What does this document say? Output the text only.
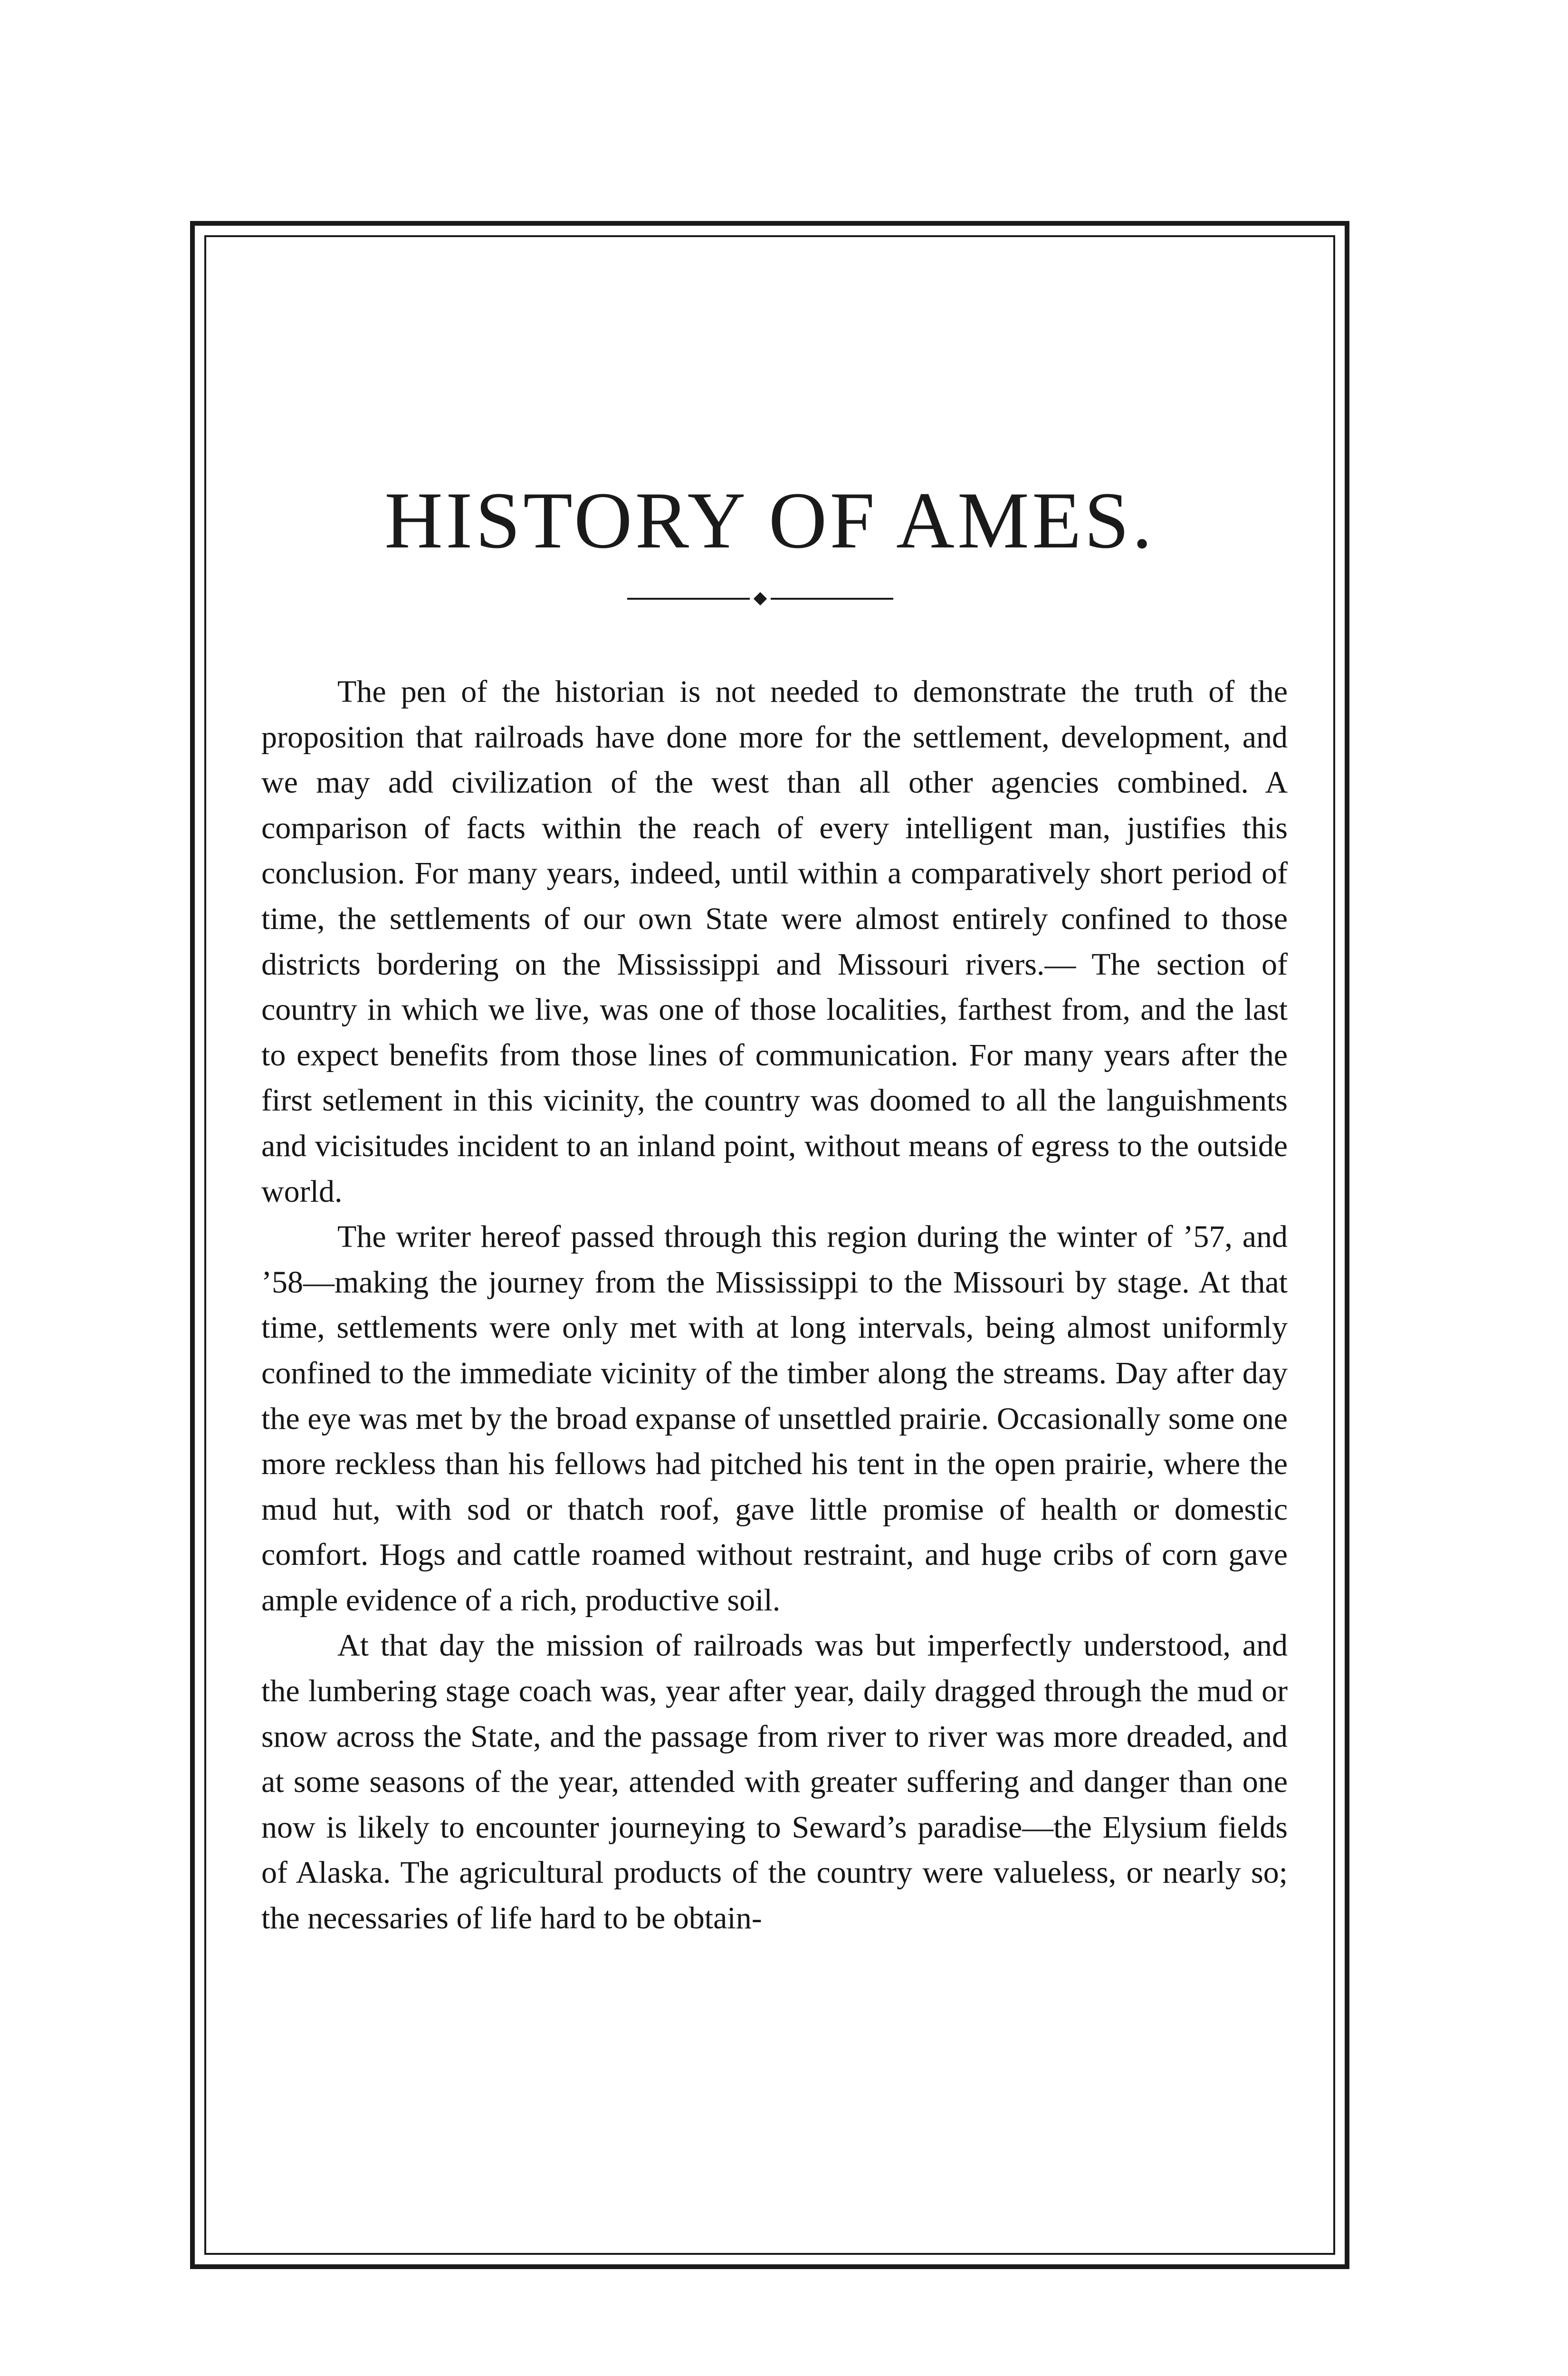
HISTORY OF AMES.

The pen of the historian is not needed to demonstrate the truth of the proposition that railroads have done more for the settlement, development, and we may add civilization of the west than all other agencies combined. A comparison of facts within the reach of every intelligent man, justifies this conclusion. For many years, indeed, until within a comparatively short period of time, the settlements of our own State were almost entirely confined to those districts bordering on the Mississippi and Missouri rivers.— The section of country in which we live, was one of those localities, farthest from, and the last to expect benefits from those lines of communication. For many years after the first setlement in this vicinity, the country was doomed to all the languishments and vicisitudes incident to an inland point, without means of egress to the outside world.

The writer hereof passed through this region during the winter of ’57, and ’58—making the journey from the Mississippi to the Missouri by stage. At that time, settlements were only met with at long intervals, being almost uniformly confined to the immediate vicinity of the timber along the streams. Day after day the eye was met by the broad expanse of unsettled prairie. Occasionally some one more reckless than his fellows had pitched his tent in the open prairie, where the mud hut, with sod or thatch roof, gave little promise of health or domestic comfort. Hogs and cattle roamed without restraint, and huge cribs of corn gave ample evidence of a rich, productive soil.

At that day the mission of railroads was but imperfectly understood, and the lumbering stage coach was, year after year, daily dragged through the mud or snow across the State, and the passage from river to river was more dreaded, and at some seasons of the year, attended with greater suffering and danger than one now is likely to encounter journeying to Seward’s paradise—the Elysium fields of Alaska. The agricultural products of the country were valueless, or nearly so; the necessaries of life hard to be obtain-
